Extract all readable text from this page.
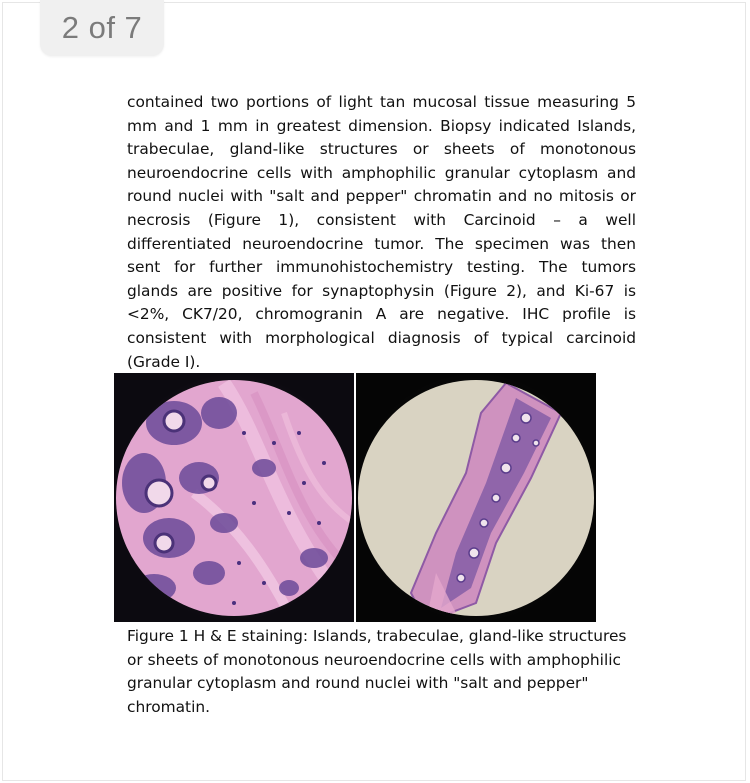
2 of 7

contained two portions of light tan mucosal tissue measuring 5 mm and 1 mm in greatest dimension. Biopsy indicated Islands, trabeculae, gland-like structures or sheets of monotonous neuroendocrine cells with amphophilic granular cytoplasm and round nuclei with "salt and pepper" chromatin and no mitosis or necrosis (Figure 1), consistent with Carcinoid – a well differentiated neuroendocrine tumor. The specimen was then sent for further immunohistochemistry testing. The tumors glands are positive for synaptophysin (Figure 2), and Ki-67 is <2%, CK7/20, chromogranin A are negative. IHC profile is consistent with morphological diagnosis of typical carcinoid (Grade I).

Figure 1 H & E staining: Islands, trabeculae, gland-like structures or sheets of monotonous neuroendocrine cells with amphophilic granular cytoplasm and round nuclei with "salt and pepper" chromatin.
